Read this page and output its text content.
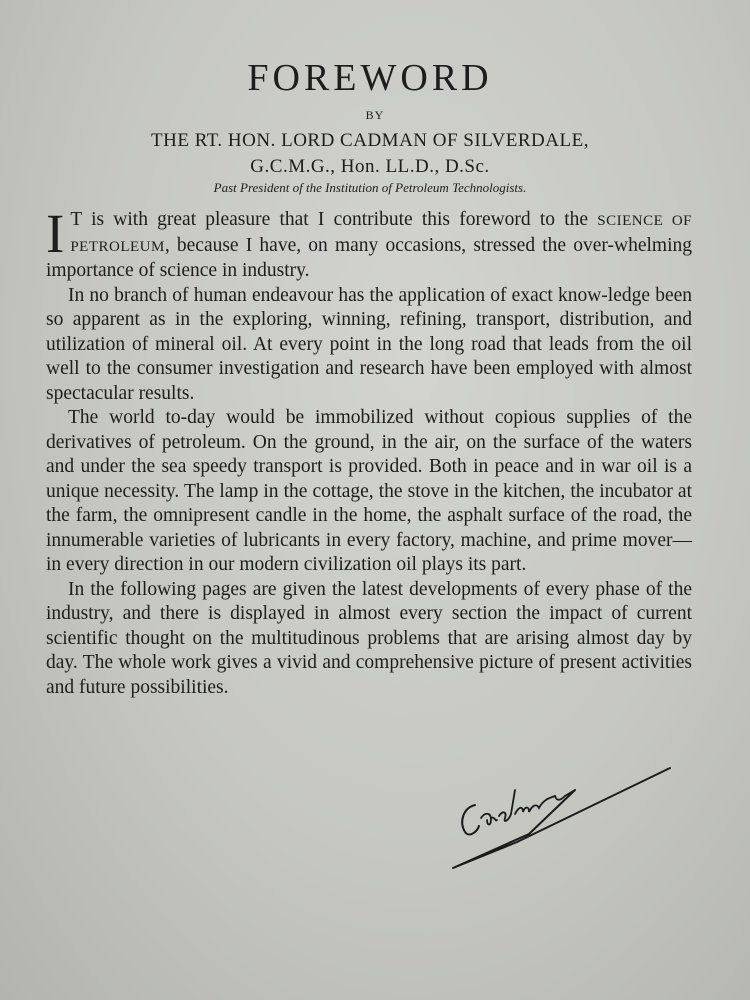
FOREWORD
BY
THE RT. HON. LORD CADMAN OF SILVERDALE,
G.C.M.G., Hon. LL.D., D.Sc.
Past President of the Institution of Petroleum Technologists.

I T is with great pleasure that I contribute this foreword to the SCIENCE OF PETROLEUM, because I have, on many occasions, stressed the over-whelming importance of science in industry.

In no branch of human endeavour has the application of exact know-ledge been so apparent as in the exploring, winning, refining, transport, distribution, and utilization of mineral oil. At every point in the long road that leads from the oil well to the consumer investigation and research have been employed with almost spectacular results.

The world to-day would be immobilized without copious supplies of the derivatives of petroleum. On the ground, in the air, on the surface of the waters and under the sea speedy transport is provided. Both in peace and in war oil is a unique necessity. The lamp in the cottage, the stove in the kitchen, the incubator at the farm, the omnipresent candle in the home, the asphalt surface of the road, the innumerable varieties of lubricants in every factory, machine, and prime mover—in every direction in our modern civilization oil plays its part.

In the following pages are given the latest developments of every phase of the industry, and there is displayed in almost every section the impact of current scientific thought on the multitudinous problems that are arising almost day by day. The whole work gives a vivid and comprehensive picture of present activities and future possibilities.
